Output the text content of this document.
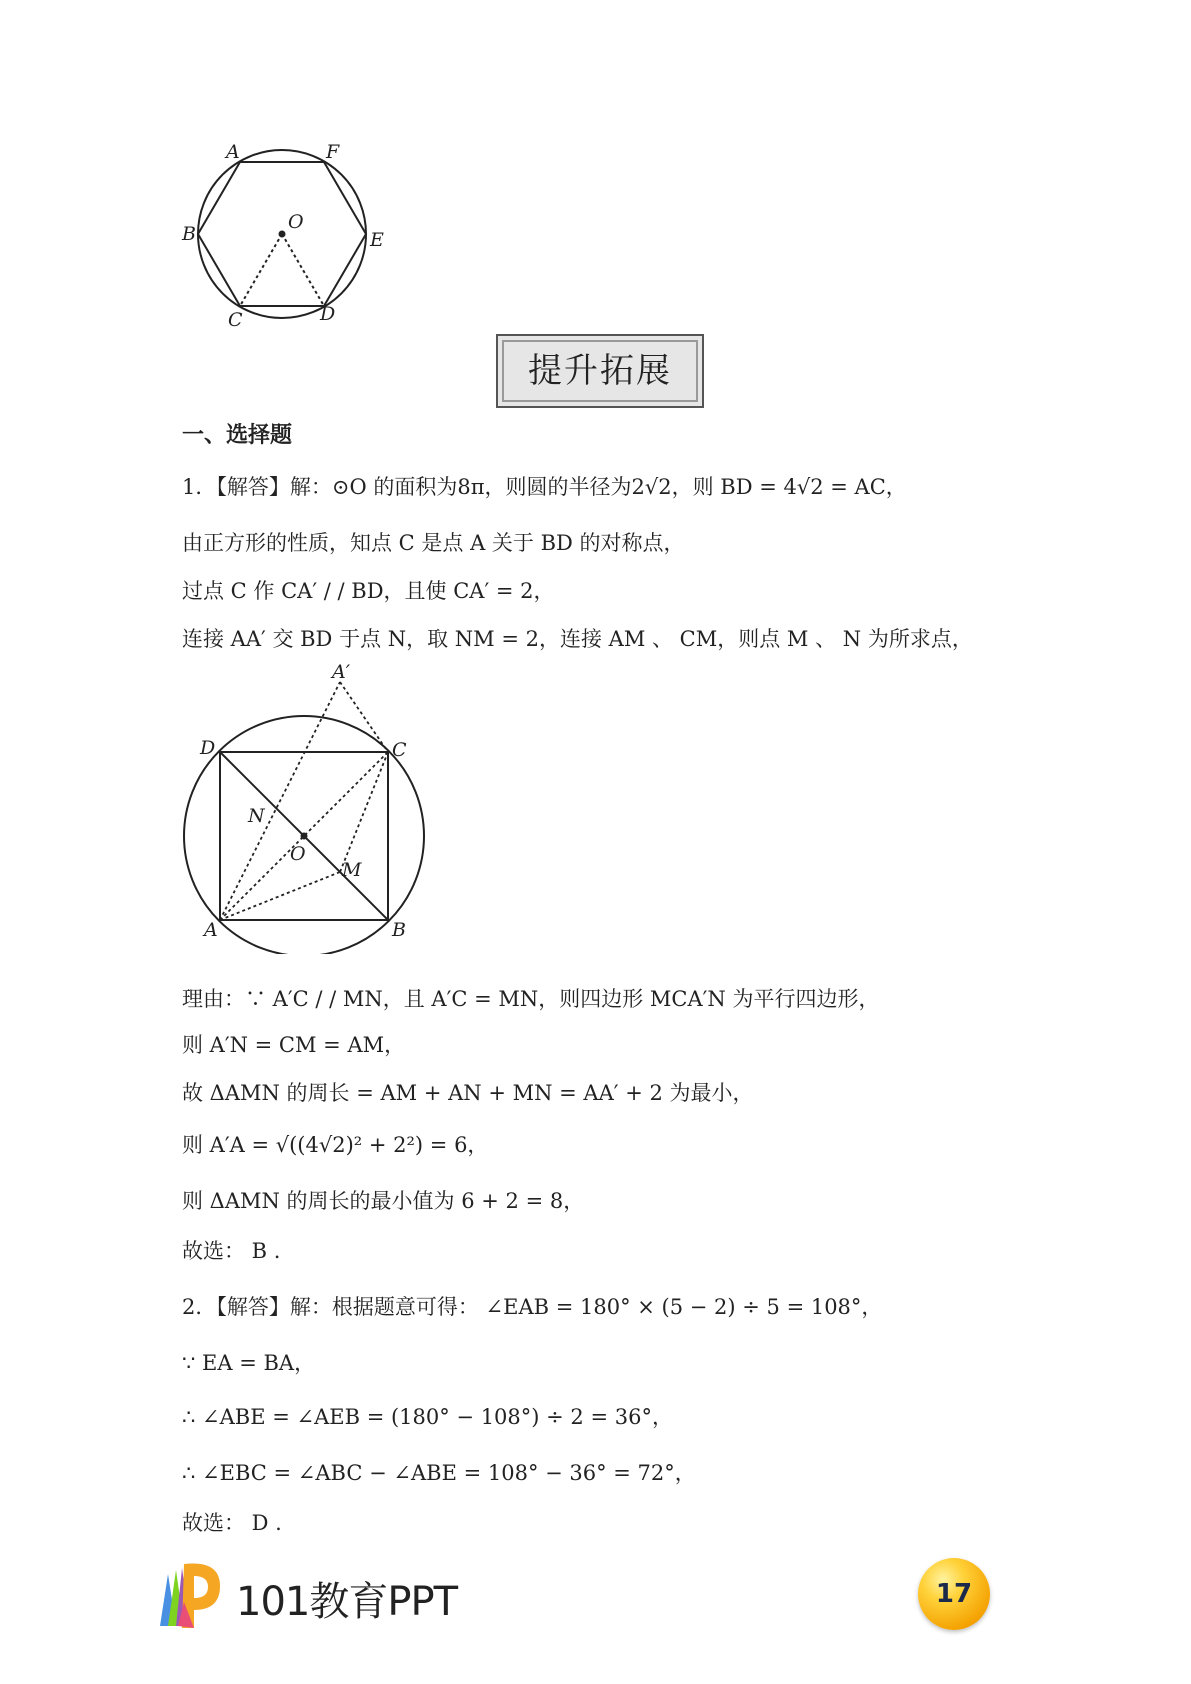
A	F
B	E
O
C	D
提升拓展
一、选择题
1．【解答】解：⊙O 的面积为8π，则圆的半径为2√2，则 BD = 4√2 = AC，
由正方形的性质，知点 C 是点 A 关于 BD 的对称点，
过点 C 作 CA′ / / BD，且使 CA′ = 2，
连接 AA′ 交 BD 于点 N，取 NM = 2，连接 AM 、 CM，则点 M 、 N 为所求点，
A′
D	C
N
O
M
A	B
理由：∵ A′C / / MN，且 A′C = MN，则四边形 MCA′N 为平行四边形，
则 A′N = CM = AM，
故 ΔAMN 的周长 = AM + AN + MN = AA′ + 2 为最小，
则 A′A = √((4√2)² + 2²) = 6，
则 ΔAMN 的周长的最小值为 6 + 2 = 8，
故选： B .
2．【解答】解：根据题意可得： ∠EAB = 180° × (5 − 2) ÷ 5 = 108°，
∵ EA = BA，
∴ ∠ABE = ∠AEB = (180° − 108°) ÷ 2 = 36°，
∴ ∠EBC = ∠ABC − ∠ABE = 108° − 36° = 72°，
故选： D .
101教育PPT	17
